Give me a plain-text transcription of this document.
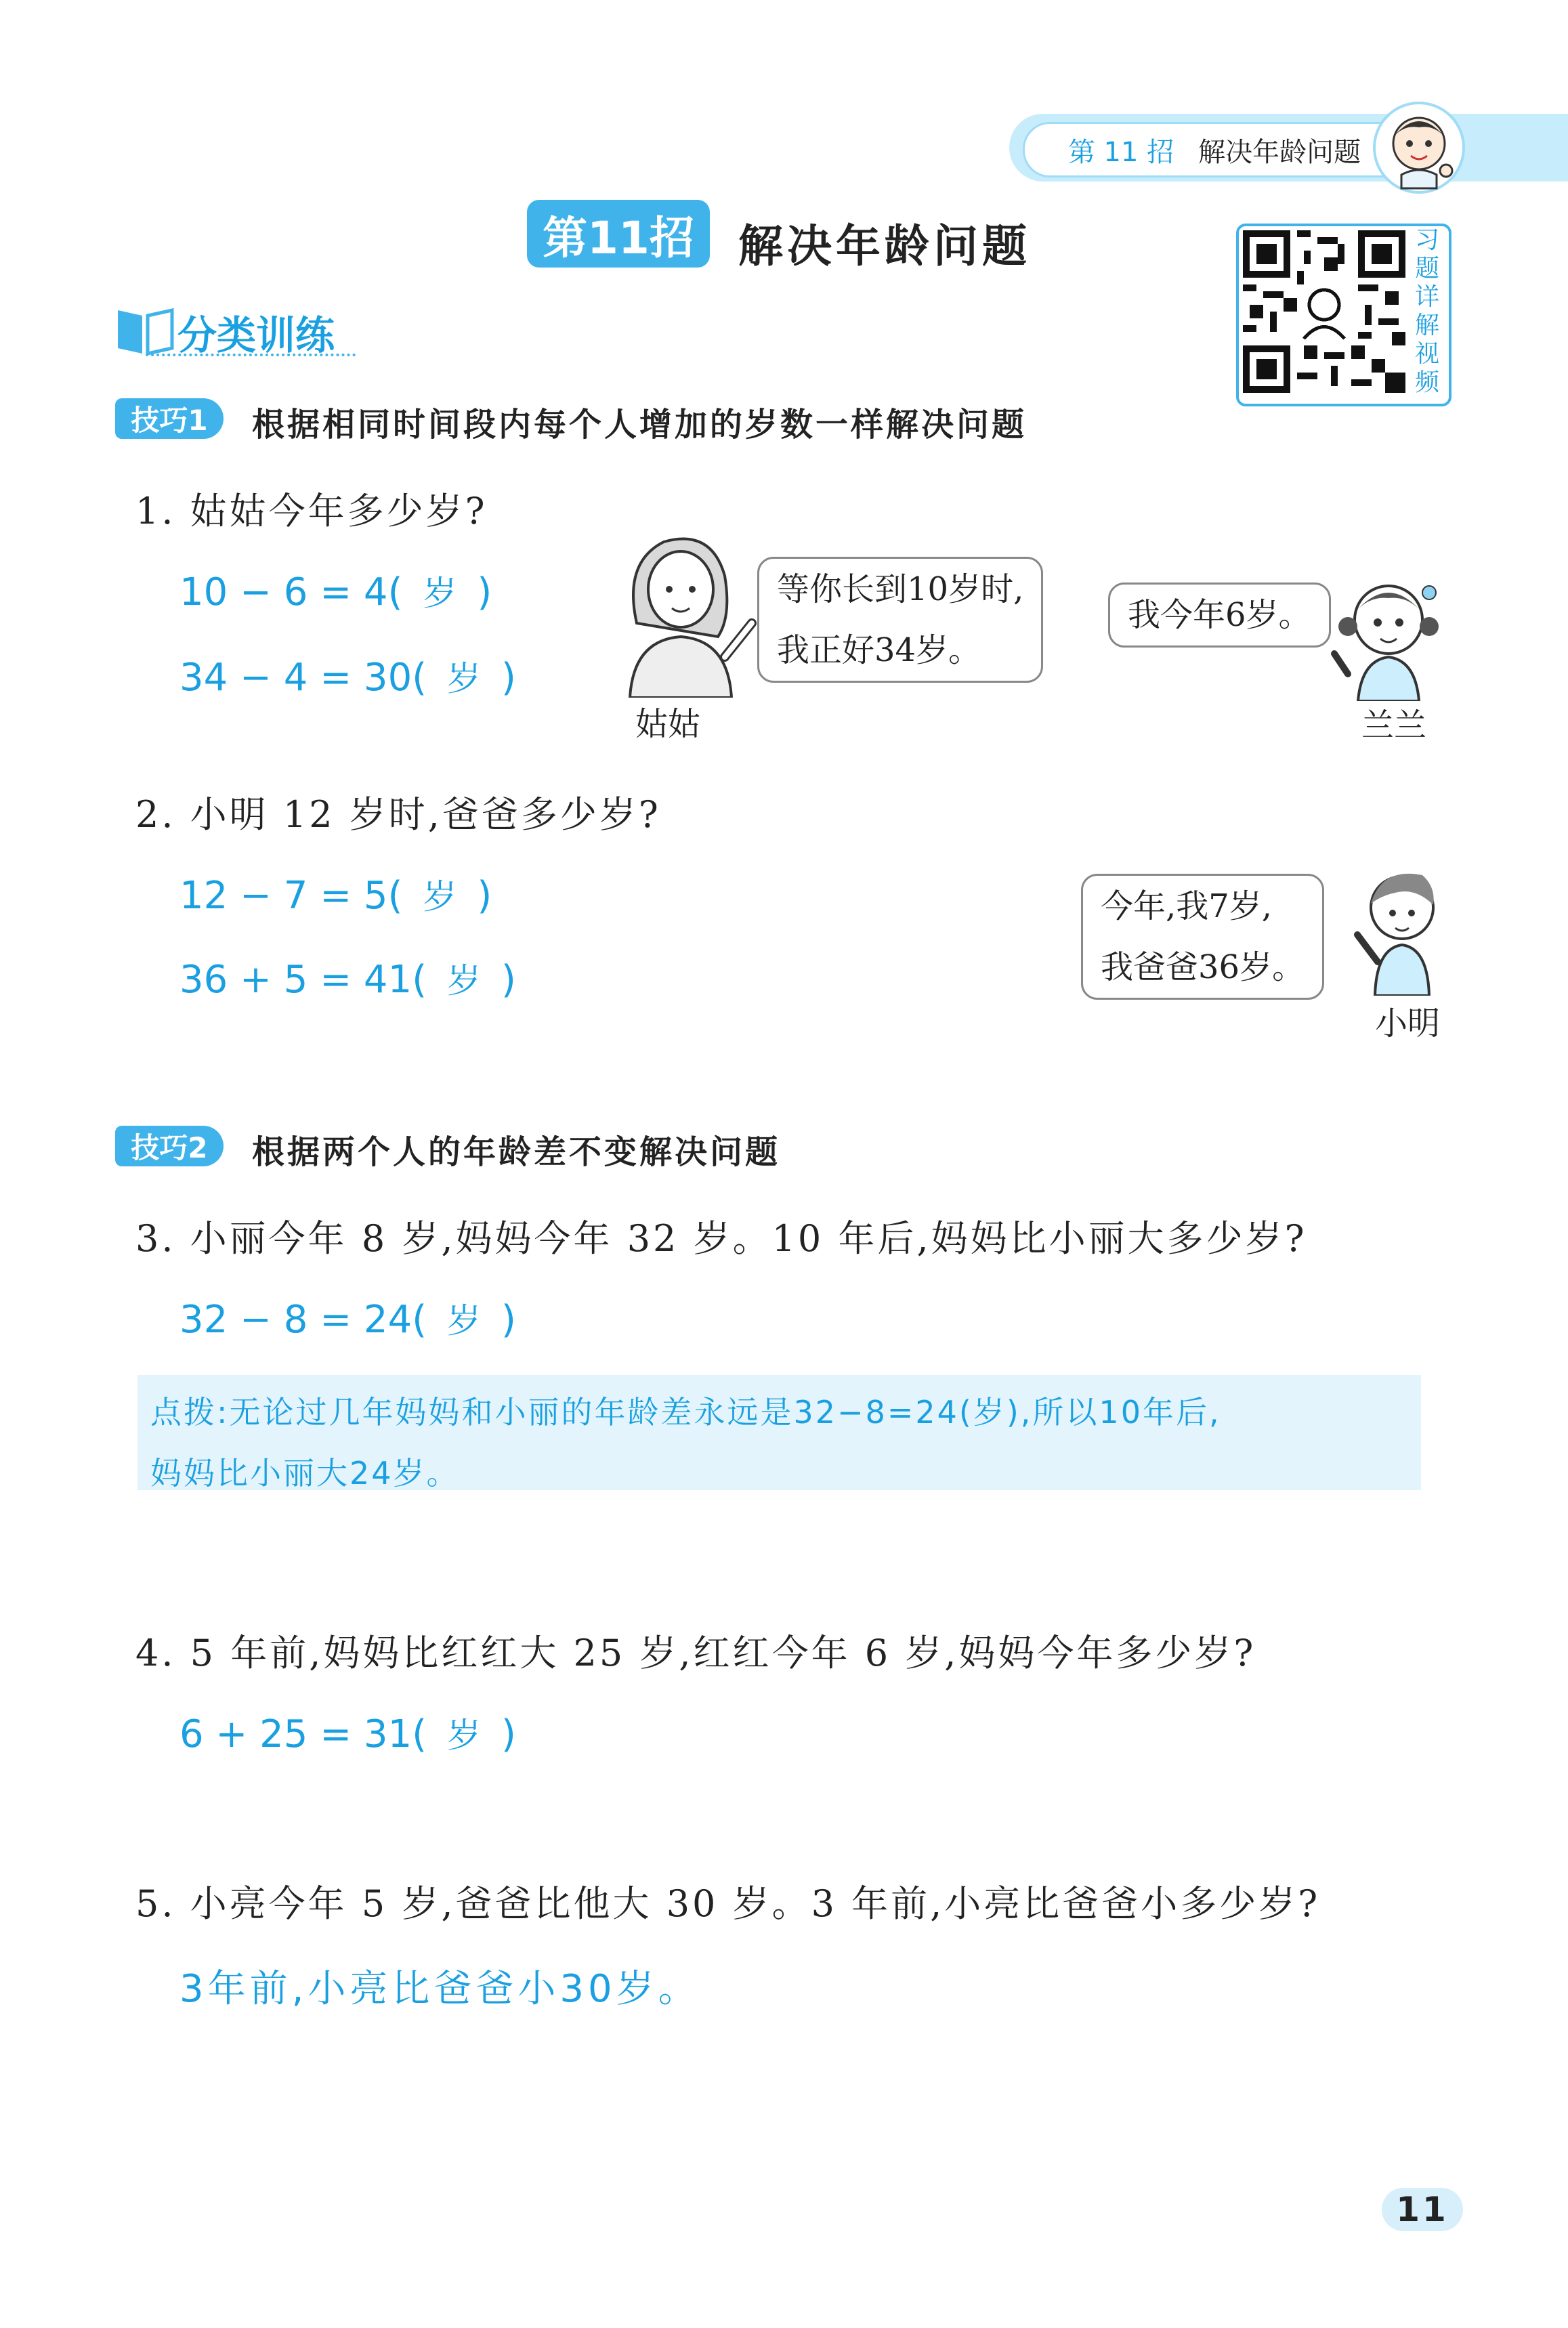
第 11 招 解决年龄问题
第11招 解决年龄问题	习
题
详
解
视
频
分类训练
技巧1	根据相同时间段内每个人增加的岁数一样解决问题
1. 姑姑今年多少岁?
10 − 6 = 4( 岁 )
34 − 4 = 30( 岁 )
姑姑
等你长到10岁时,
我正好34岁。
我今年6岁。
兰兰
2. 小明 12 岁时,爸爸多少岁?
12 − 7 = 5( 岁 )
36 + 5 = 41( 岁 )
今年,我7岁,
我爸爸36岁。
小明
技巧2	根据两个人的年龄差不变解决问题
3. 小丽今年 8 岁,妈妈今年 32 岁。10 年后,妈妈比小丽大多少岁?
32 − 8 = 24( 岁 )
点拨:无论过几年妈妈和小丽的年龄差永远是32−8=24(岁),所以10年后,
妈妈比小丽大24岁。
4. 5 年前,妈妈比红红大 25 岁,红红今年 6 岁,妈妈今年多少岁?
6 + 25 = 31( 岁 )
5. 小亮今年 5 岁,爸爸比他大 30 岁。3 年前,小亮比爸爸小多少岁?
3年前,小亮比爸爸小30岁。
11
